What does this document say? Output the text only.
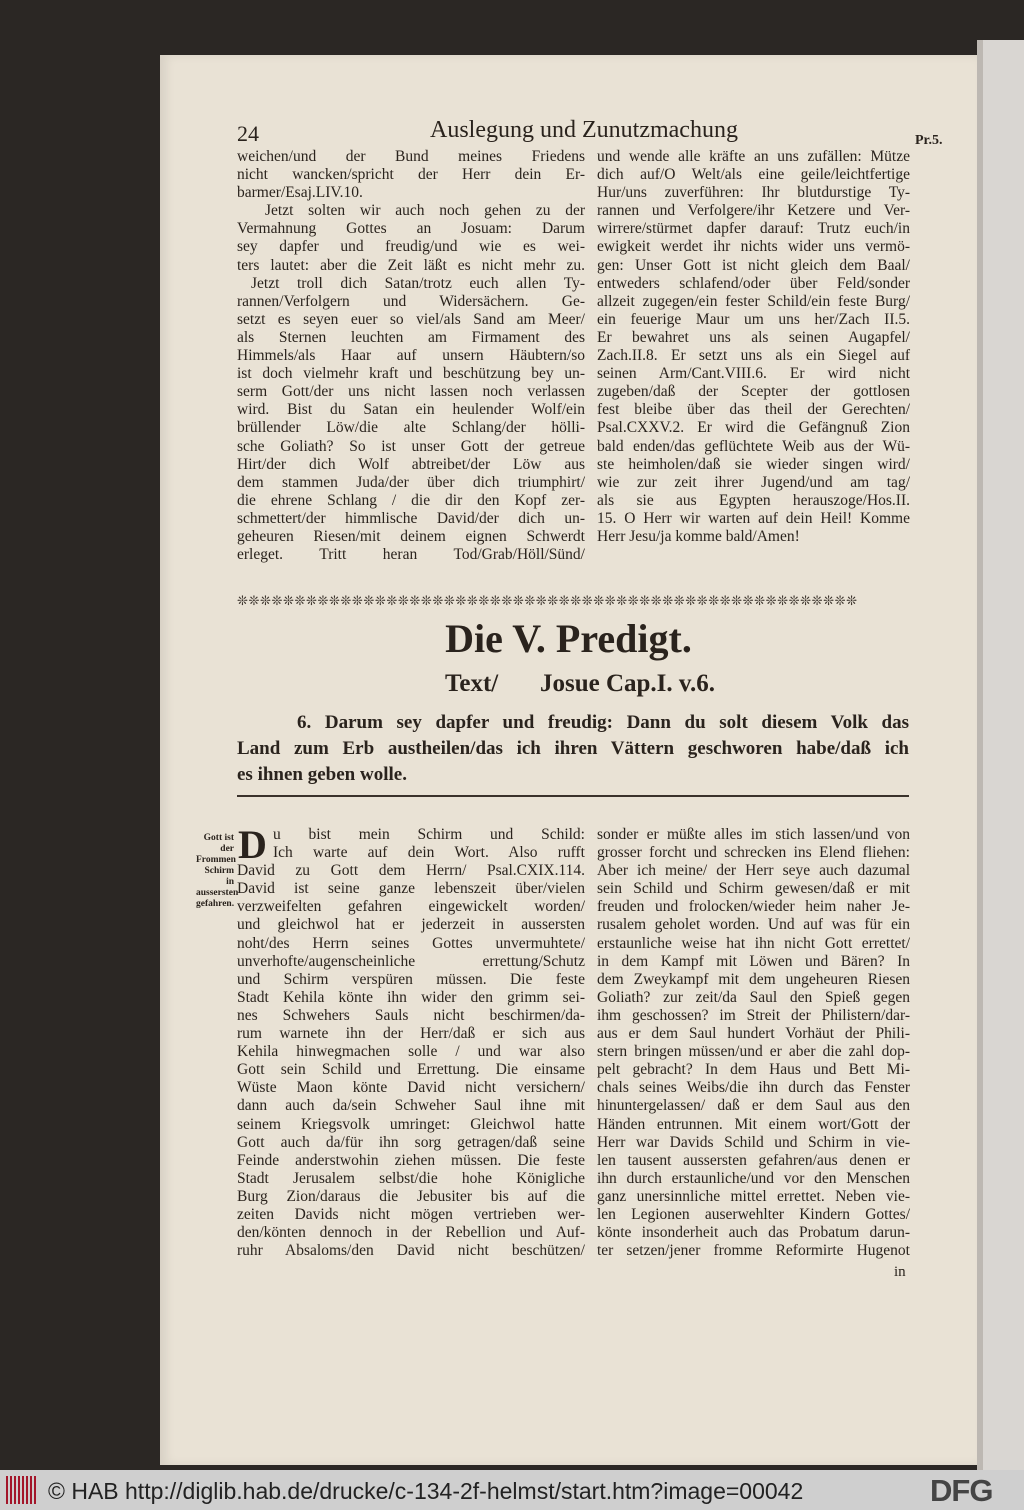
24	Auslegung und Zunutzmachung	Pr.5.
weichen/und der Bund meines Friedens
nicht wancken/spricht der Herr dein Er-
barmer/Esaj.LIV.10.
Jetzt solten wir auch noch gehen zu der
Vermahnung Gottes an Josuam: Darum
sey dapfer und freudig/und wie es wei-
ters lautet: aber die Zeit läßt es nicht mehr zu.
Jetzt troll dich Satan/trotz euch allen Ty-
rannen/Verfolgern und Widersächern. Ge-
setzt es seyen euer so viel/als Sand am Meer/
als Sternen leuchten am Firmament des
Himmels/als Haar auf unsern Häubtern/so
ist doch vielmehr kraft und beschützung bey un-
serm Gott/der uns nicht lassen noch verlassen
wird. Bist du Satan ein heulender Wolf/ein
brüllender Löw/die alte Schlang/der hölli-
sche Goliath? So ist unser Gott der getreue
Hirt/der dich Wolf abtreibet/der Löw aus
dem stammen Juda/der über dich triumphirt/
die ehrene Schlang / die dir den Kopf zer-
schmettert/der himmlische David/der dich un-
geheuren Riesen/mit deinem eignen Schwerdt
erleget. Tritt heran Tod/Grab/Höll/Sünd/
und wende alle kräfte an uns zufällen: Mütze
dich auf/O Welt/als eine geile/leichtfertige
Hur/uns zuverführen: Ihr blutdurstige Ty-
rannen und Verfolgere/ihr Ketzere und Ver-
wirrere/stürmet dapfer darauf: Trutz euch/in
ewigkeit werdet ihr nichts wider uns vermö-
gen: Unser Gott ist nicht gleich dem Baal/
entweders schlafend/oder über Feld/sonder
allzeit zugegen/ein fester Schild/ein feste Burg/
ein feuerige Maur um uns her/Zach II.5.
Er bewahret uns als seinen Augapfel/
Zach.II.8. Er setzt uns als ein Siegel auf
seinen Arm/Cant.VIII.6. Er wird nicht
zugeben/daß der Scepter der gottlosen
fest bleibe über das theil der Gerechten/
Psal.CXXV.2. Er wird die Gefängnuß Zion
bald enden/das geflüchtete Weib aus der Wü-
ste heimholen/daß sie wieder singen wird/
wie zur zeit ihrer Jugend/und am tag/
als sie aus Egypten herauszoge/Hos.II.
15. O Herr wir warten auf dein Heil! Komme
Herr Jesu/ja komme bald/Amen!
❊❊❊❊❊❊❊❊❊❊❊❊❊❊❊❊❊❊❊❊❊❊❊❊❊❊❊❊❊❊❊❊❊❊❊❊❊❊❊❊❊❊❊❊❊❊❊❊❊❊❊❊❊❊
Die V. Predigt.
Text/ Josue Cap.I. v.6.
6. Darum sey dapfer und freudig: Dann du solt diesem Volk das
Land zum Erb austheilen/das ich ihren Vättern geschworen habe/daß ich
es ihnen geben wolle.
Gott ist
der Frommen
Schirm in
aussersten
gefahren.
D u bist mein Schirm und Schild:
Ich warte auf dein Wort. Also rufft
David zu Gott dem Herrn/ Psal.CXIX.114.
David ist seine ganze lebenszeit über/vielen
verzweifelten gefahren eingewickelt worden/
und gleichwol hat er jederzeit in aussersten
noht/des Herrn seines Gottes unvermuhtete/
unverhofte/augenscheinliche errettung/Schutz
und Schirm verspüren müssen. Die feste
Stadt Kehila könte ihn wider den grimm sei-
nes Schwehers Sauls nicht beschirmen/da-
rum warnete ihn der Herr/daß er sich aus
Kehila hinwegmachen solle / und war also
Gott sein Schild und Errettung. Die einsame
Wüste Maon könte David nicht versichern/
dann auch da/sein Schweher Saul ihne mit
seinem Kriegsvolk umringet: Gleichwol hatte
Gott auch da/für ihn sorg getragen/daß seine
Feinde anderstwohin ziehen müssen. Die feste
Stadt Jerusalem selbst/die hohe Königliche
Burg Zion/daraus die Jebusiter bis auf die
zeiten Davids nicht mögen vertrieben wer-
den/könten dennoch in der Rebellion und Auf-
ruhr Absaloms/den David nicht beschützen/
sonder er müßte alles im stich lassen/und von
grosser forcht und schrecken ins Elend fliehen:
Aber ich meine/ der Herr seye auch dazumal
sein Schild und Schirm gewesen/daß er mit
freuden und frolocken/wieder heim naher Je-
rusalem geholet worden. Und auf was für ein
erstaunliche weise hat ihn nicht Gott errettet/
in dem Kampf mit Löwen und Bären? In
dem Zweykampf mit dem ungeheuren Riesen
Goliath? zur zeit/da Saul den Spieß gegen
ihm geschossen? im Streit der Philistern/dar-
aus er dem Saul hundert Vorhäut der Phili-
stern bringen müssen/und er aber die zahl dop-
pelt gebracht? In dem Haus und Bett Mi-
chals seines Weibs/die ihn durch das Fenster
hinuntergelassen/ daß er dem Saul aus den
Händen entrunnen. Mit einem wort/Gott der
Herr war Davids Schild und Schirm in vie-
len tausent aussersten gefahren/aus denen er
ihn durch erstaunliche/und vor den Menschen
ganz unersinnliche mittel errettet. Neben vie-
len Legionen auserwehlter Kindern Gottes/
könte insonderheit auch das Probatum darun-
ter setzen/jener fromme Reformirte Hugenot
in
© HAB http://diglib.hab.de/drucke/c-134-2f-helmst/start.htm?image=00042	DFG
